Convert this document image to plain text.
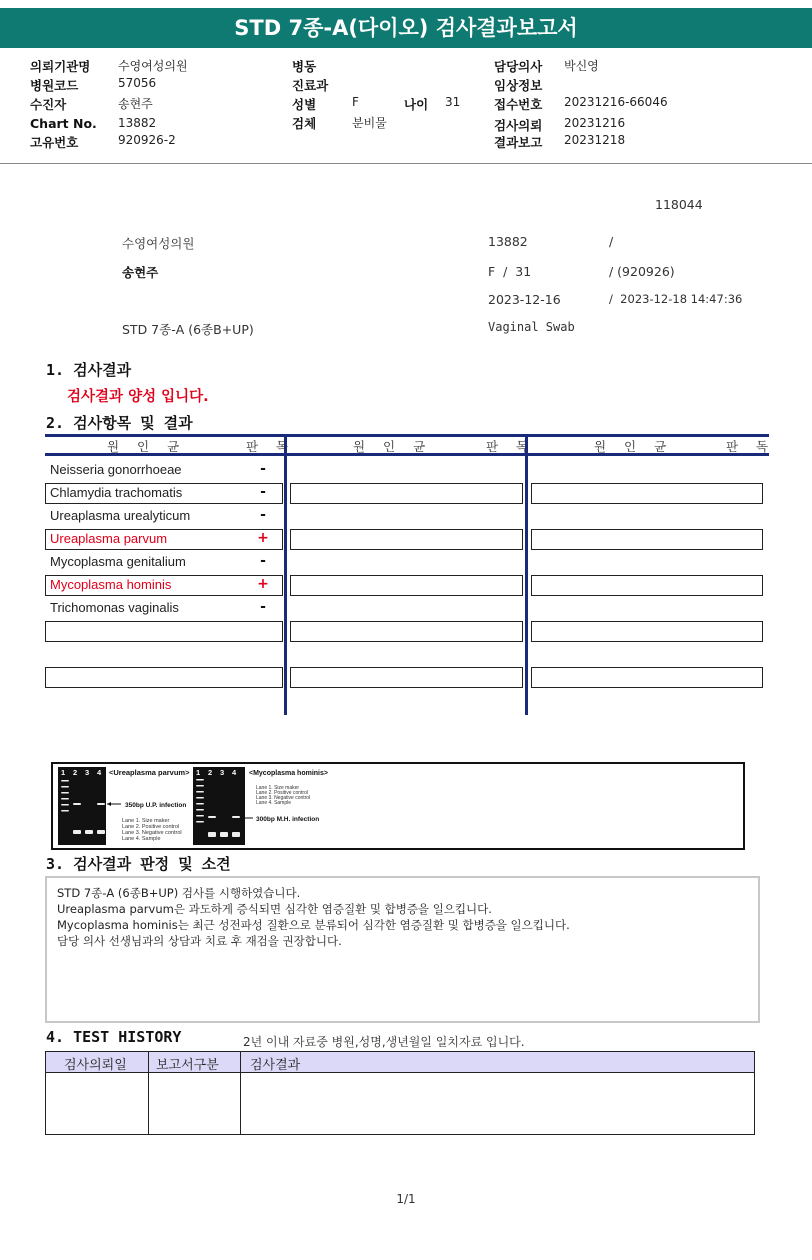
STD 7종-A(다이오) 검사결과보고서
의뢰기관명 수영여성의원
병원코드	57056
수진자	송현주
Chart No. 13882
고유번호	920926-2
병동
진료과
성별	F	나이 31
검체	분비물
담당의사 박신영
임상정보
접수번호 20231216-66046
검사의뢰 20231216
결과보고 20231218
118044
수영여성의원	13882	/
송현주	F  /  31	/ (920926)
2023-12-16	/  2023-12-18 14:47:36
STD 7종-A (6종B+UP)	Vaginal Swab
1. 검사결과
검사결과 양성 입니다.
2. 검사항목 및 결과
원 인 균	판 독	원 인 균	판 독	원 인 균	판 독
Neisseria gonorrhoeae	-
Chlamydia trachomatis	-
Ureaplasma urealyticum	-
Ureaplasma parvum	+
Mycoplasma genitalium	-
Mycoplasma hominis	+
Trichomonas vaginalis	-
<Ureaplasma parvum>	<Mycoplasma hominis>
350bp U.P. infection
300bp M.H. infection
1	1
2	2
3	3
4	4
Lane 1. Size maker
Lane 1. Size maker
Lane 2. Positive control
Lane 2. Positive control
Lane 3. Negative control
Lane 3. Negative control
Lane 4. Sample
Lane 4. Sample
3. 검사결과 판정 및 소견
STD 7종-A (6종B+UP) 검사를 시행하였습니다.
Ureaplasma parvum은 과도하게 증식되면 심각한 염증질환 및 합병증을 일으킵니다.
Mycoplasma hominis는 최근 성전파성 질환으로 분류되어 심각한 염증질환 및 합병증을 일으킵니다.
담당 의사 선생님과의 상담과 치료 후 재검을 권장합니다.
4. TEST HISTORY	2년 이내 자료중 병원,성명,생년월일 일치자료 입니다.
검사의뢰일 보고서구분 검사결과
1/1
